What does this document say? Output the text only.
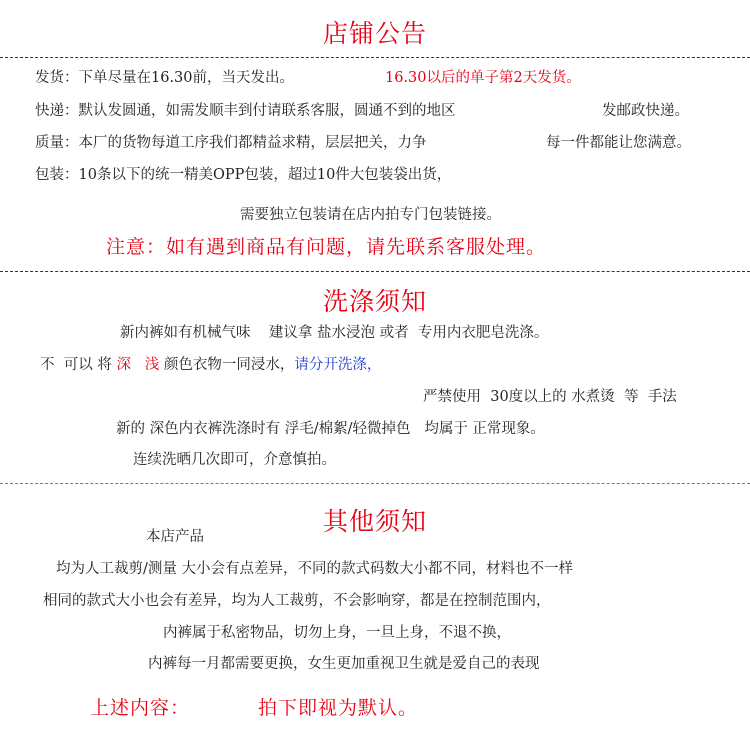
店铺公告
发货：下单尽量在16.30前，当天发出。	16.30以后的单子第2天发货。
快递：默认发圆通，如需发顺丰到付请联系客服，圆通不到的地区	发邮政快递。
质量：本厂的货物每道工序我们都精益求精，层层把关，力争	每一件都能让您满意。
包装：10条以下的统一精美OPP包装，超过10件大包装袋出货，
需要独立包装请在店内拍专门包装链接。
注意：如有遇到商品有问题，请先联系客服处理。
洗涤须知
新内裤如有机械气味    建议拿 盐水浸泡 或者  专用内衣肥皂洗涤。
不  可以 将 深 浅 颜色衣物一同浸水，请分开洗涤，
严禁使用  30度以上的 水煮烫  等  手法
新的 深色内衣裤洗涤时有 浮毛/棉絮/轻微掉色   均属于 正常现象。
连续洗晒几次即可，介意慎拍。
其他须知
本店产品
均为人工裁剪/测量 大小会有点差异，不同的款式码数大小都不同，材料也不一样
相同的款式大小也会有差异，均为人工裁剪，不会影响穿，都是在控制范围内，
内裤属于私密物品，切勿上身，一旦上身，不退不换，
内裤每一月都需要更换，女生更加重视卫生就是爱自己的表现
上述内容：	拍下即视为默认。
